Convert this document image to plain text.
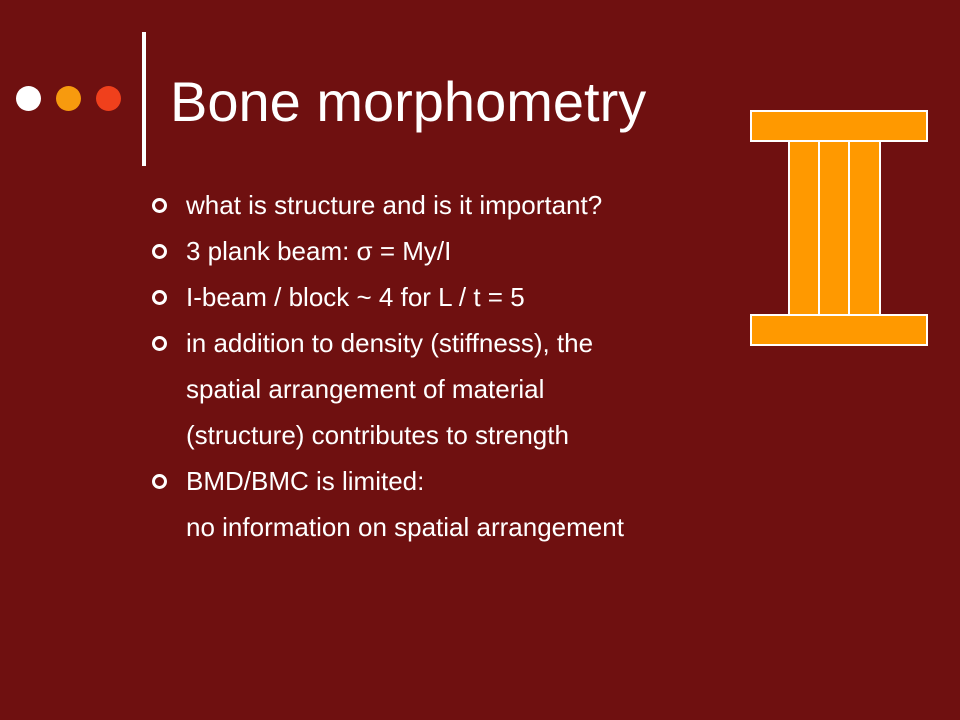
Bone morphometry
what is structure and is it important?
3 plank beam: σ = My/I
I-beam / block ~ 4 for L / t = 5
in addition to density (stiffness), the
spatial arrangement of material
(structure) contributes to strength
BMD/BMC is limited:
no information on spatial arrangement
